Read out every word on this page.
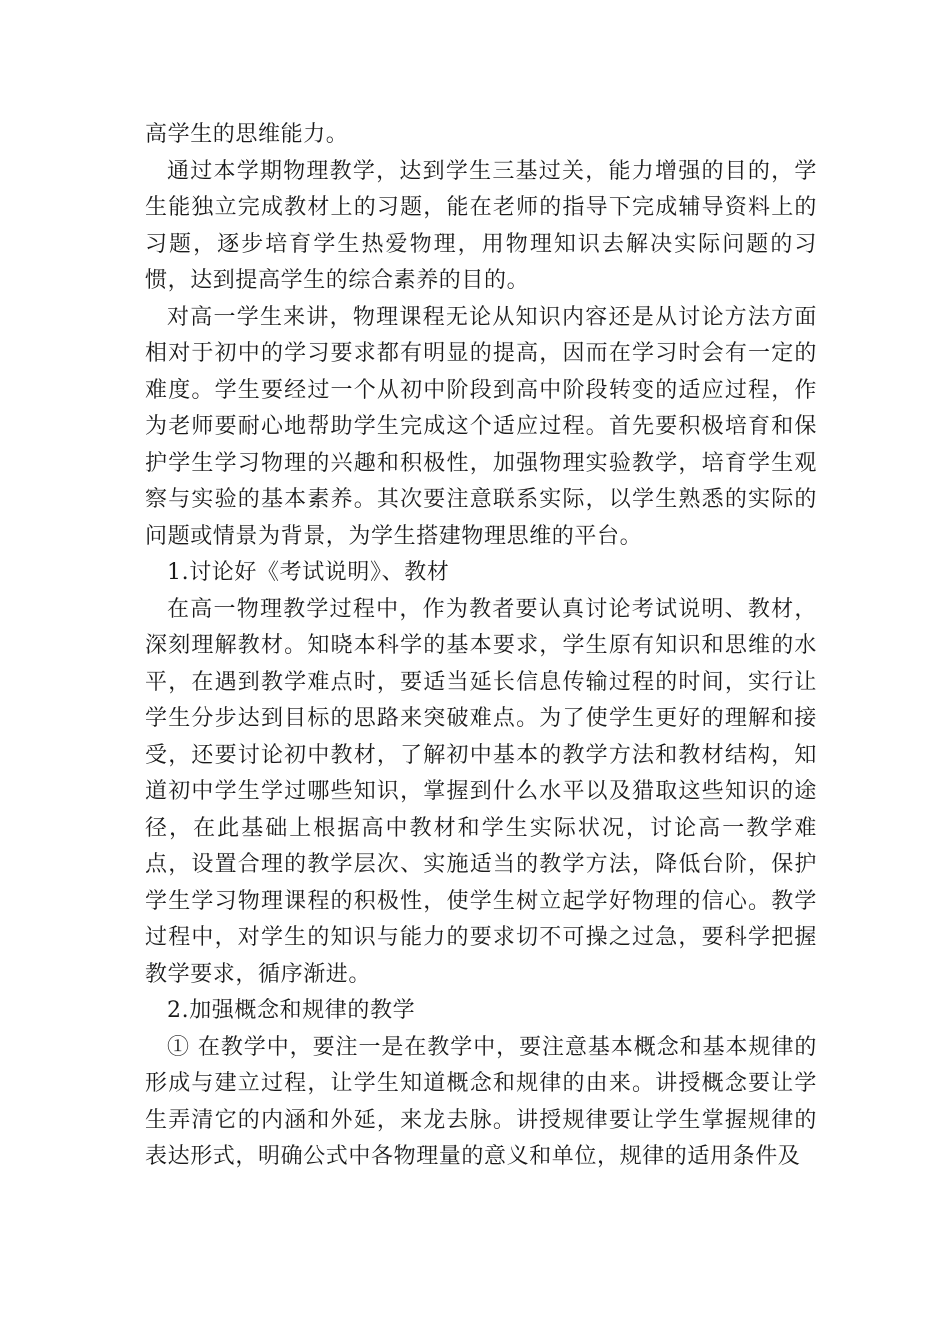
高学生的思维能力。

通过本学期物理教学，达到学生三基过关，能力增强的目的，学生能独立完成教材上的习题，能在老师的指导下完成辅导资料上的习题，逐步培育学生热爱物理，用物理知识去解决实际问题的习惯，达到提高学生的综合素养的目的。

对高一学生来讲，物理课程无论从知识内容还是从讨论方法方面相对于初中的学习要求都有明显的提高，因而在学习时会有一定的难度。学生要经过一个从初中阶段到高中阶段转变的适应过程，作为老师要耐心地帮助学生完成这个适应过程。首先要积极培育和保护学生学习物理的兴趣和积极性，加强物理实验教学，培育学生观察与实验的基本素养。其次要注意联系实际，以学生熟悉的实际的问题或情景为背景，为学生搭建物理思维的平台。

1.讨论好《考试说明》、教材

在高一物理教学过程中，作为教者要认真讨论考试说明、教材，深刻理解教材。知晓本科学的基本要求，学生原有知识和思维的水平，在遇到教学难点时，要适当延长信息传输过程的时间，实行让学生分步达到目标的思路来突破难点。为了使学生更好的理解和接受，还要讨论初中教材，了解初中基本的教学方法和教材结构，知道初中学生学过哪些知识，掌握到什么水平以及猎取这些知识的途径，在此基础上根据高中教材和学生实际状况，讨论高一教学难点，设置合理的教学层次、实施适当的教学方法，降低台阶，保护学生学习物理课程的积极性，使学生树立起学好物理的信心。教学过程中，对学生的知识与能力的要求切不可操之过急，要科学把握教学要求，循序渐进。

2.加强概念和规律的教学

① 在教学中，要注一是在教学中，要注意基本概念和基本规律的形成与建立过程，让学生知道概念和规律的由来。讲授概念要让学生弄清它的内涵和外延，来龙去脉。讲授规律要让学生掌握规律的表达形式，明确公式中各物理量的意义和单位，规律的适用条件及
